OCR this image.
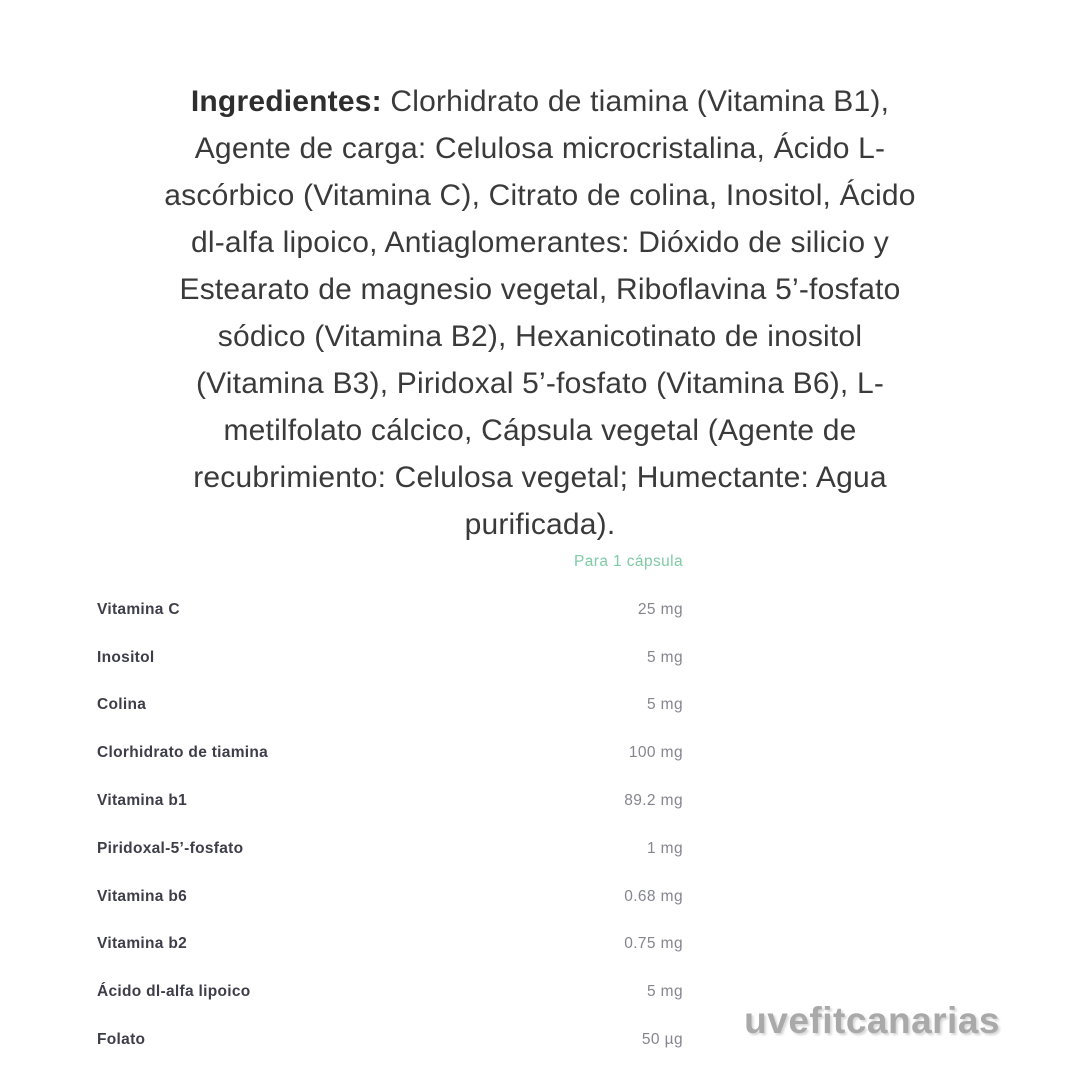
Ingredientes: Clorhidrato de tiamina (Vitamina B1),
Agente de carga: Celulosa microcristalina, Ácido L-
ascórbico (Vitamina C), Citrato de colina, Inositol, Ácido
dl-alfa lipoico, Antiaglomerantes: Dióxido de silicio y
Estearato de magnesio vegetal, Riboflavina 5’-fosfato
sódico (Vitamina B2), Hexanicotinato de inositol
(Vitamina B3), Piridoxal 5’-fosfato (Vitamina B6), L-
metilfolato cálcico, Cápsula vegetal (Agente de
recubrimiento: Celulosa vegetal; Humectante: Agua
purificada).
Para 1 cápsula
Vitamina C	25 mg
Inositol	5 mg
Colina	5 mg
Clorhidrato de tiamina	100 mg
Vitamina b1	89.2 mg
Piridoxal-5’-fosfato	1 mg
Vitamina b6	0.68 mg
Vitamina b2	0.75 mg
Ácido dl-alfa lipoico	5 mg
Folato	50 µg uvefitcanarias
